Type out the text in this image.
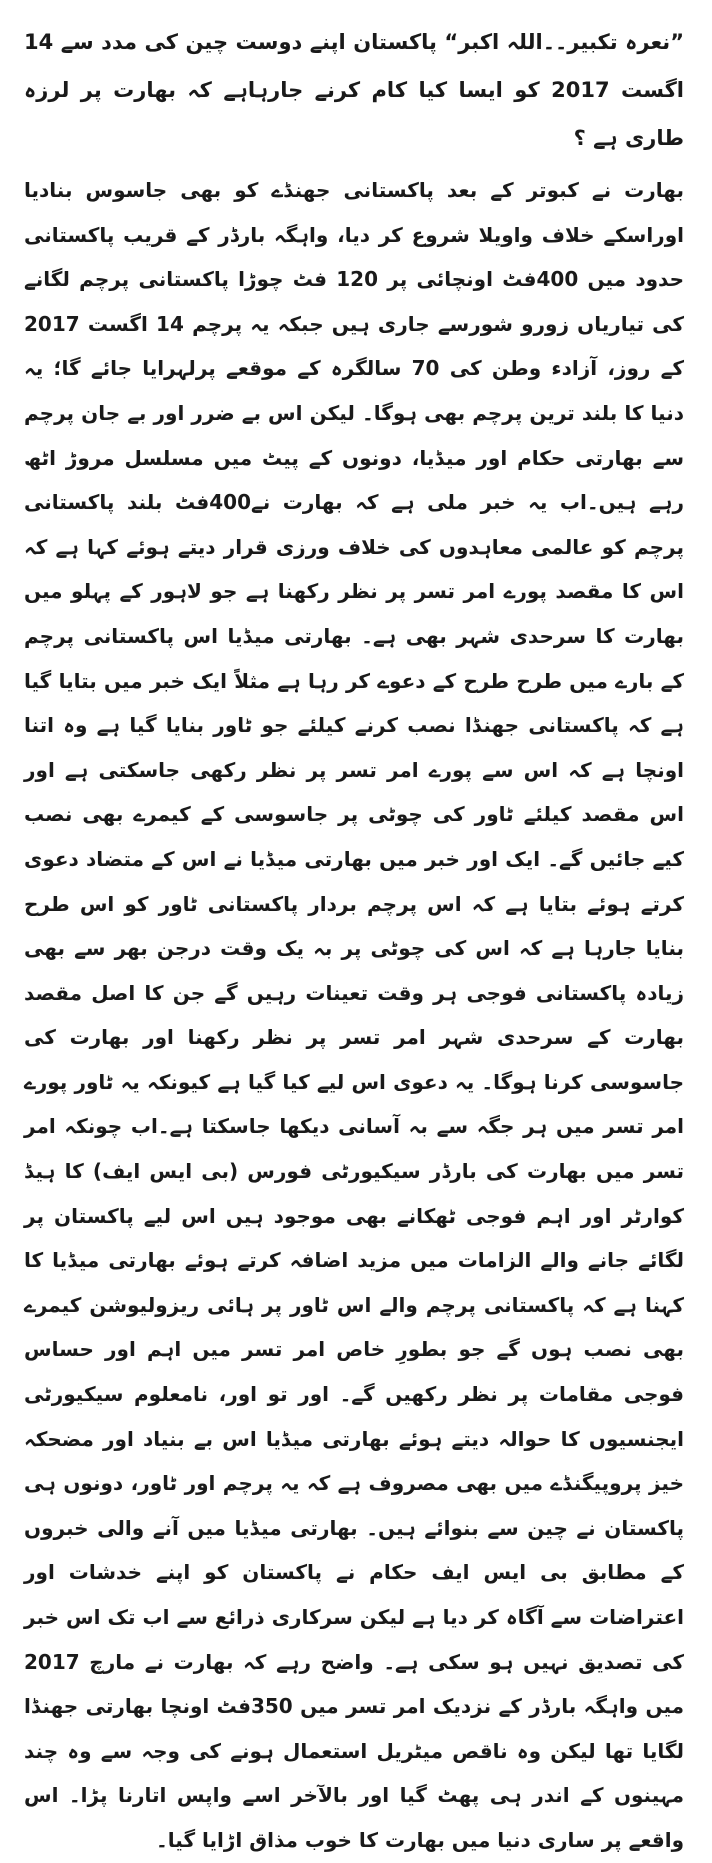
”نعرہ تکبیر۔۔اللہ اکبر“ پاکستان اپنے دوست چین کی مدد سے 14 اگست 2017 کو ایسا کیا کام کرنے جارہاہے کہ بھارت پر لرزہ طاری ہے ؟

بھارت نے کبوتر کے بعد پاکستانی جھنڈے کو بھی جاسوس بنادیا اوراسکے خلاف واویلا شروع کر دیا، واہگہ بارڈر کے قریب پاکستانی حدود میں 400فٹ اونچائی پر 120 فٹ چوڑا پاکستانی پرچم لگانے کی تیاریاں زورو شورسے جاری ہیں جبکہ یہ پرچم 14 اگست 2017 کے روز، آزادء وطن کی 70 سالگرہ کے موقعے پرلہرایا جائے گا؛ یہ دنیا کا بلند ترین پرچم بھی ہوگا۔ لیکن اس بے ضرر اور بے جان پرچم سے بھارتی حکام اور میڈیا، دونوں کے پیٹ میں مسلسل مروڑ اٹھ رہے ہیں۔اب یہ خبر ملی ہے کہ بھارت نے400فٹ بلند پاکستانی پرچم کو عالمی معاہدوں کی خلاف ورزی قرار دیتے ہوئے کہا ہے کہ اس کا مقصد پورے امر تسر پر نظر رکھنا ہے جو لاہور کے پہلو میں بھارت کا سرحدی شہر بھی ہے۔ بھارتی میڈیا اس پاکستانی پرچم کے بارے میں طرح طرح کے دعوے کر رہا ہے مثلاً ایک خبر میں بتایا گیا ہے کہ پاکستانی جھنڈا نصب کرنے کیلئے جو ٹاور بنایا گیا ہے وہ اتنا اونچا ہے کہ اس سے پورے امر تسر پر نظر رکھی جاسکتی ہے اور اس مقصد کیلئے ٹاور کی چوٹی پر جاسوسی کے کیمرے بھی نصب کیے جائیں گے۔ ایک اور خبر میں بھارتی میڈیا نے اس کے متضاد دعوی کرتے ہوئے بتایا ہے کہ اس پرچم بردار پاکستانی ٹاور کو اس طرح بنایا جارہا ہے کہ اس کی چوٹی پر بہ یک وقت درجن بھر سے بھی زیادہ پاکستانی فوجی ہر وقت تعینات رہیں گے جن کا اصل مقصد بھارت کے سرحدی شہر امر تسر پر نظر رکھنا اور بھارت کی جاسوسی کرنا ہوگا۔ یہ دعوی اس لیے کیا گیا ہے کیونکہ یہ ٹاور پورے امر تسر میں ہر جگہ سے بہ آسانی دیکھا جاسکتا ہے۔اب چونکہ امر تسر میں بھارت کی بارڈر سیکیورٹی فورس (بی ایس ایف) کا ہیڈ کوارٹر اور اہم فوجی ٹھکانے بھی موجود ہیں اس لیے پاکستان پر لگائے جانے والے الزامات میں مزید اضافہ کرتے ہوئے بھارتی میڈیا کا کہنا ہے کہ پاکستانی پرچم والے اس ٹاور پر ہائی ریزولیوشن کیمرے بھی نصب ہوں گے جو بطورِ خاص امر تسر میں اہم اور حساس فوجی مقامات پر نظر رکھیں گے۔ اور تو اور، نامعلوم سیکیورٹی ایجنسیوں کا حوالہ دیتے ہوئے بھارتی میڈیا اس بے بنیاد اور مضحکہ خیز پروپیگنڈے میں بھی مصروف ہے کہ یہ پرچم اور ٹاور، دونوں ہی پاکستان نے چین سے بنوائے ہیں۔ بھارتی میڈیا میں آنے والی خبروں کے مطابق بی ایس ایف حکام نے پاکستان کو اپنے خدشات اور اعتراضات سے آگاہ کر دیا ہے لیکن سرکاری ذرائع سے اب تک اس خبر کی تصدیق نہیں ہو سکی ہے۔ واضح رہے کہ بھارت نے مارچ 2017 میں واہگہ بارڈر کے نزدیک امر تسر میں 350فٹ اونچا بھارتی جھنڈا لگایا تھا لیکن وہ ناقص میٹریل استعمال ہونے کی وجہ سے وہ چند مہینوں کے اندر ہی پھٹ گیا اور بالآخر اسے واپس اتارنا پڑا۔ اس واقعے پر ساری دنیا میں بھارت کا خوب مذاق اڑایا گیا۔
